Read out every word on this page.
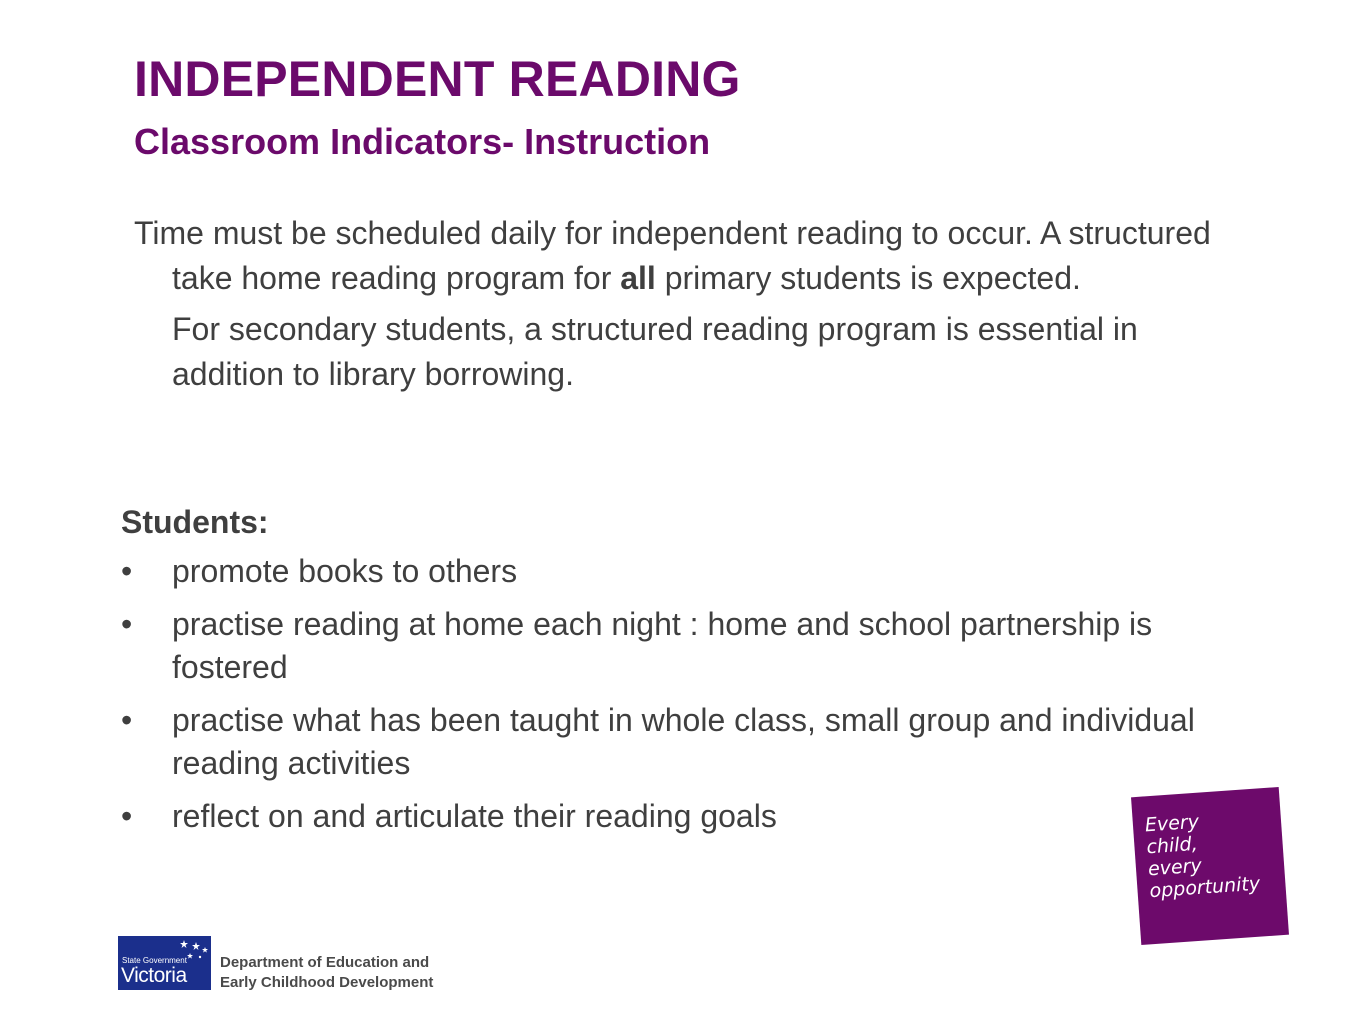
INDEPENDENT READING
Classroom Indicators- Instruction

Time must be scheduled daily for independent reading to occur. A structured take home reading program for all primary students is expected.

For secondary students, a structured reading program is essential in addition to library borrowing.

Students:
• promote books to others
• practise reading at home each night : home and school partnership is fostered
• practise what has been taught in whole class, small group and individual reading activities
• reflect on and articulate their reading goals	Every
child,
every
opportunity
State Government
Victoria
Department of Education and
Early Childhood Development
